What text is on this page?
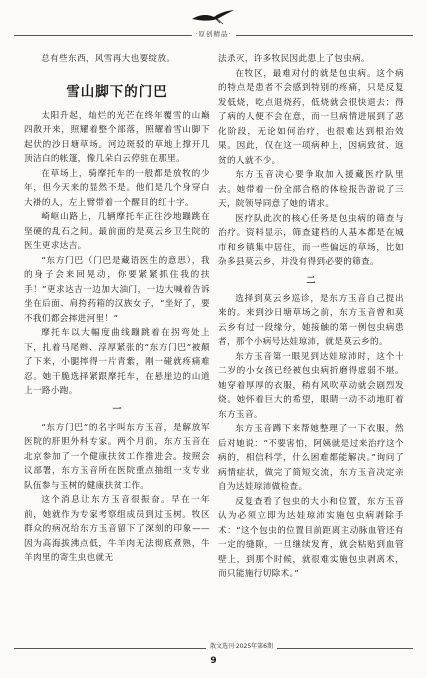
·原创精品·

总有些东西，风雪再大也要绽放。

雪山脚下的门巴

太阳升起，灿烂的光芒在终年覆雪的山巅四散开来，照耀着整个部落，照耀着雪山脚下起伏的沙日塘草场。河边斑驳的草地上撑开几顶洁白的帐篷，像几朵白云停驻在那里。

在草场上，骑摩托车的一般都是放牧的少年，但今天来的显然不是。他们是几个身穿白大褂的人，左上臂带着一个醒目的红十字。

崎岖山路上，几辆摩托车正往沙地蹦跳在坚硬的乱石之间。最前面的是莫云乡卫生院的医生更求达吉。

“东方门巴（门巴是藏语医生的意思），我的身子会来回晃动，你要紧紧抓住我的扶手！”更求达吉一边加大油门，一边大喊着告诉坐在后面、肩挎药箱的汉族女子，“坐好了，要不我们都会摔进河里！”

摩托车以大幅度曲线蹦跳着在拐弯处上下，扎着马尾辫、淳厚紧张的“东方门巴”被颠了下来，小腿摔得一片青紫，刚一碰就疼痛难忍。她干脆选择紧跟摩托车，在悬崖边的山道上一路小跑。

一

“东方门巴”的名字叫东方玉音，是解放军医院的肝胆外科专家。两个月前，东方玉音在北京参加了一个健康扶贫工作推进会。按照会议部署，东方玉音所在医院重点抽组一支专业队伍参与玉树的健康扶贫工作。

这个消息让东方玉音很振奋。早在一年前，她就作为专家考察组成员到过玉树。牧区群众的病况给东方玉音留下了深刻的印象——因为高海拔沸点低，牛羊肉无法彻底煮熟，牛羊肉里的寄生虫也就无

法杀灭，许多牧民因此患上了包虫病。

在牧区，最难对付的就是包虫病。这个病的特点是患者不会感到特别的疼痛，只是反复发低烧，吃点退烧药，低烧就会很快退去；得了病的人便不会在意，而一旦病情进展到了恶化阶段，无论如何治疗，也很难达到根治效果。因此，仅在这一项病种上，因病致贫、返贫的人就不少。

东方玉音决心要争取加入援藏医疗队里去。她带着一份全部合格的体检报告游说了三天，院领导同意了她的请求。

医疗队此次的核心任务是包虫病的筛查与治疗。资料显示，筛查建档的人基本都是在城市和乡镇集中居住，而一些偏远的草场，比如杂多县莫云乡，并没有得到必要的筛查。

二

选择到莫云乡巡诊，是东方玉音自己提出来的。来到沙日塘草场之前，东方玉音曾和莫云乡有过一段缘分，她接触的第一例包虫病患者，那个小病号达娃琼沛，就是莫云乡的。

东方玉音第一眼见到达娃琼沛时，这个十二岁的小女孩已经被包虫病折磨得虚弱不堪。她穿着厚厚的衣服，稍有风吹草动就会剧烈发烧。她怀着巨大的希望，眼睛一动不动地盯着东方玉音。

东方玉音蹲下来帮她整理了一下衣服，然后对她说：“不要害怕，阿姨就是过来治疗这个病的，相信科学，什么困难都能解决。”询问了病情症状，做完了简短交流，东方玉音决定亲自为达娃琼沛做检查。

反复查看了包虫的大小和位置，东方玉音认为必须立即为达娃琼沛实施包虫病剥除手术：“这个包虫的位置目前距离主动脉血管还有一定的缝隙，一旦继续发育，就会粘贴到血管壁上，到那个时候，就很难实施包虫剥离术，而只能施行切除术。”

散文选刊·2025年第6期
9
